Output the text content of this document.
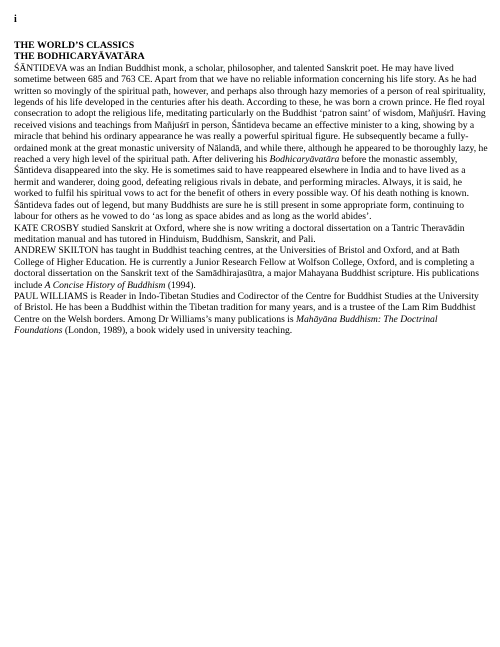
i
THE WORLD’S CLASSICS
THE BODHICARYĀVATĀRA

ŚĀNTIDEVA was an Indian Buddhist monk, a scholar, philosopher, and talented Sanskrit poet. He may have lived sometime between 685 and 763 CE. Apart from that we have no reliable information concerning his life story. As he had written so movingly of the spiritual path, however, and perhaps also through hazy memories of a person of real spirituality, legends of his life developed in the centuries after his death. According to these, he was born a crown prince. He fled royal consecration to adopt the religious life, meditating particularly on the Buddhist ‘patron saint’ of wisdom, Mañjuśrī. Having received visions and teachings from Mañjuśrī in person, Śāntideva became an effective minister to a king, showing by a miracle that behind his ordinary appearance he was really a powerful spiritual figure. He subsequently became a fully-ordained monk at the great monastic university of Nālandā, and while there, although he appeared to be thoroughly lazy, he reached a very high level of the spiritual path. After delivering his Bodhicaryāvatāra before the monastic assembly, Śāntideva disappeared into the sky. He is sometimes said to have reappeared elsewhere in India and to have lived as a hermit and wanderer, doing good, defeating religious rivals in debate, and performing miracles. Always, it is said, he worked to fulfil his spiritual vows to act for the benefit of others in every possible way. Of his death nothing is known. Śāntideva fades out of legend, but many Buddhists are sure he is still present in some appropriate form, continuing to labour for others as he vowed to do ‘as long as space abides and as long as the world abides’.

KATE CROSBY studied Sanskrit at Oxford, where she is now writing a doctoral dissertation on a Tantric Theravādin meditation manual and has tutored in Hinduism, Buddhism, Sanskrit, and Pali.

ANDREW SKILTON has taught in Buddhist teaching centres, at the Universities of Bristol and Oxford, and at Bath College of Higher Education. He is currently a Junior Research Fellow at Wolfson College, Oxford, and is completing a doctoral dissertation on the Sanskrit text of the Samādhirajasūtra, a major Mahayana Buddhist scripture. His publications include A Concise History of Buddhism (1994).

PAUL WILLIAMS is Reader in Indo-Tibetan Studies and Codirector of the Centre for Buddhist Studies at the University of Bristol. He has been a Buddhist within the Tibetan tradition for many years, and is a trustee of the Lam Rim Buddhist Centre on the Welsh borders. Among Dr Williams’s many publications is Mahāyāna Buddhism: The Doctrinal Foundations (London, 1989), a book widely used in university teaching.
